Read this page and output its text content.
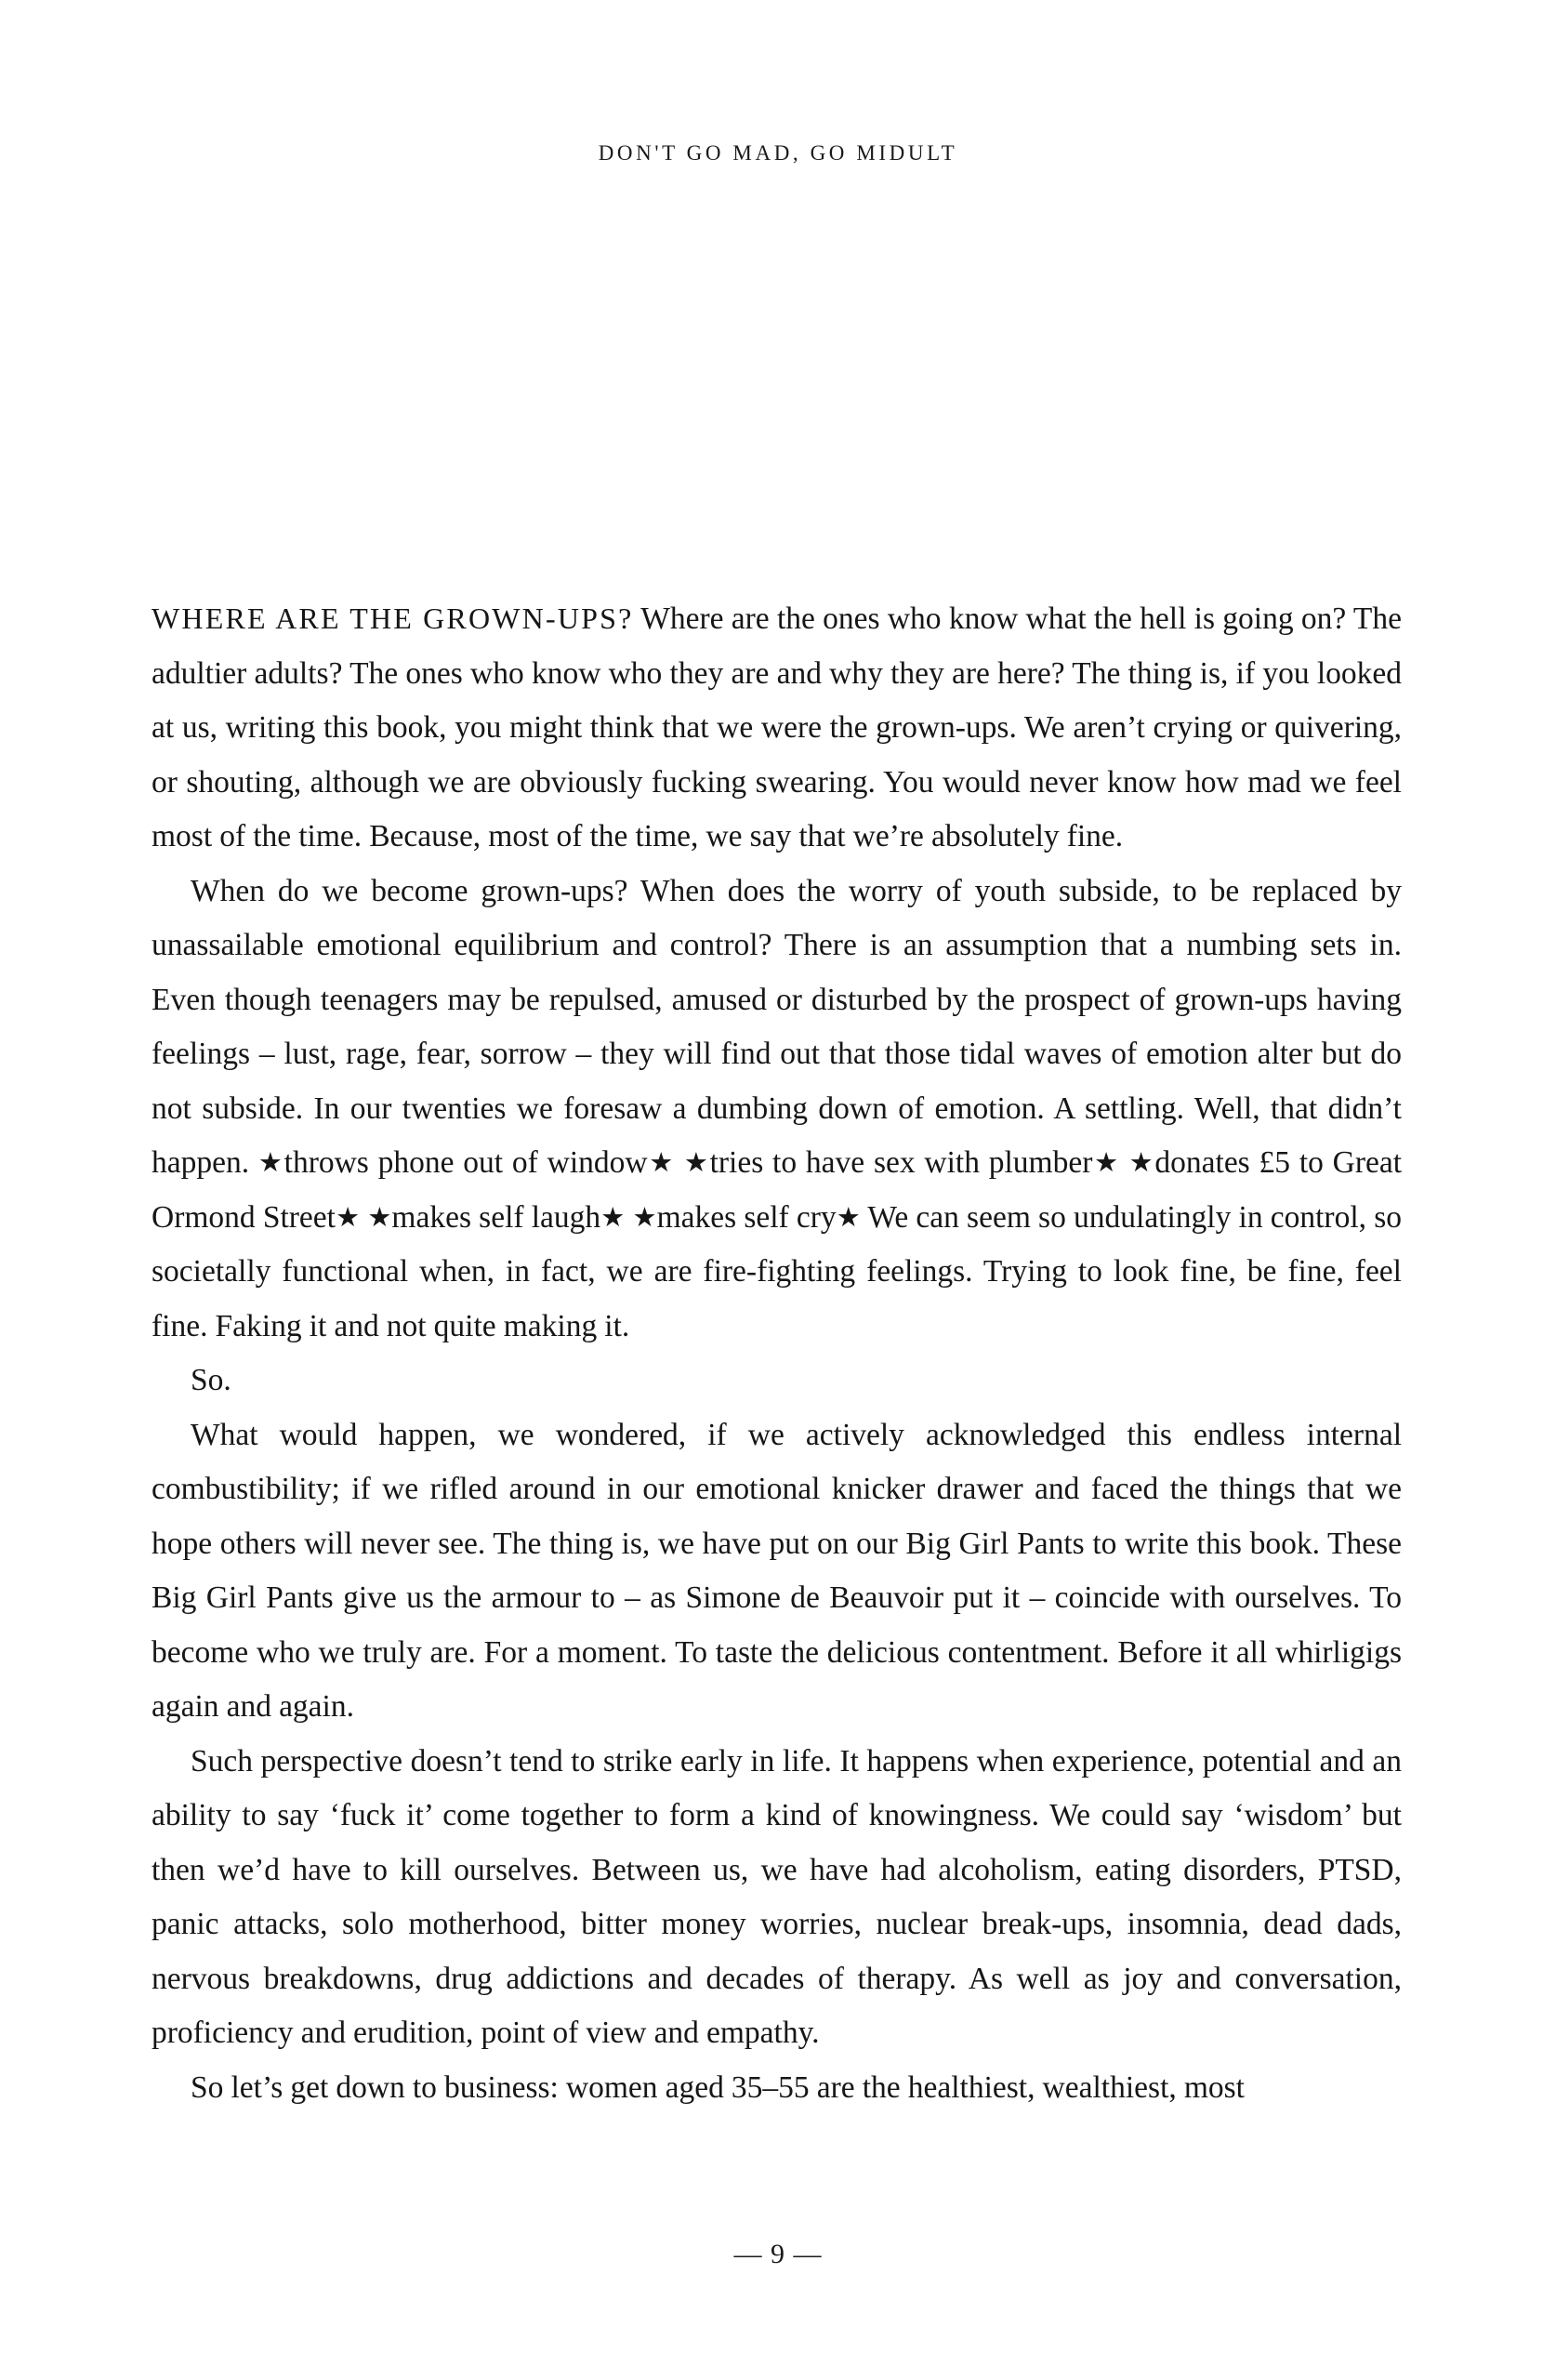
DON'T GO MAD, GO MIDULT

WHERE ARE THE GROWN-UPS? Where are the ones who know what the hell is going on? The adultier adults? The ones who know who they are and why they are here? The thing is, if you looked at us, writing this book, you might think that we were the grown-ups. We aren’t crying or quivering, or shouting, although we are obviously fucking swearing. You would never know how mad we feel most of the time. Because, most of the time, we say that we’re absolutely fine.

When do we become grown-ups? When does the worry of youth subside, to be replaced by unassailable emotional equilibrium and control? There is an assumption that a numbing sets in. Even though teenagers may be repulsed, amused or disturbed by the prospect of grown-ups having feelings – lust, rage, fear, sorrow – they will find out that those tidal waves of emotion alter but do not subside. In our twenties we foresaw a dumbing down of emotion. A settling. Well, that didn’t happen. ★throws phone out of window★ ★tries to have sex with plumber★ ★donates £5 to Great Ormond Street★ ★makes self laugh★ ★makes self cry★ We can seem so undulatingly in control, so societally functional when, in fact, we are fire-fighting feelings. Trying to look fine, be fine, feel fine. Faking it and not quite making it.

So.

What would happen, we wondered, if we actively acknowledged this endless internal combustibility; if we rifled around in our emotional knicker drawer and faced the things that we hope others will never see. The thing is, we have put on our Big Girl Pants to write this book. These Big Girl Pants give us the armour to – as Simone de Beauvoir put it – coincide with ourselves. To become who we truly are. For a moment. To taste the delicious contentment. Before it all whirligigs again and again.

Such perspective doesn’t tend to strike early in life. It happens when experience, potential and an ability to say ‘fuck it’ come together to form a kind of knowingness. We could say ‘wisdom’ but then we’d have to kill ourselves. Between us, we have had alcoholism, eating disorders, PTSD, panic attacks, solo motherhood, bitter money worries, nuclear break-ups, insomnia, dead dads, nervous breakdowns, drug addictions and decades of therapy. As well as joy and conversation, proficiency and erudition, point of view and empathy.

So let’s get down to business: women aged 35–55 are the healthiest, wealthiest, most

— 9 —
